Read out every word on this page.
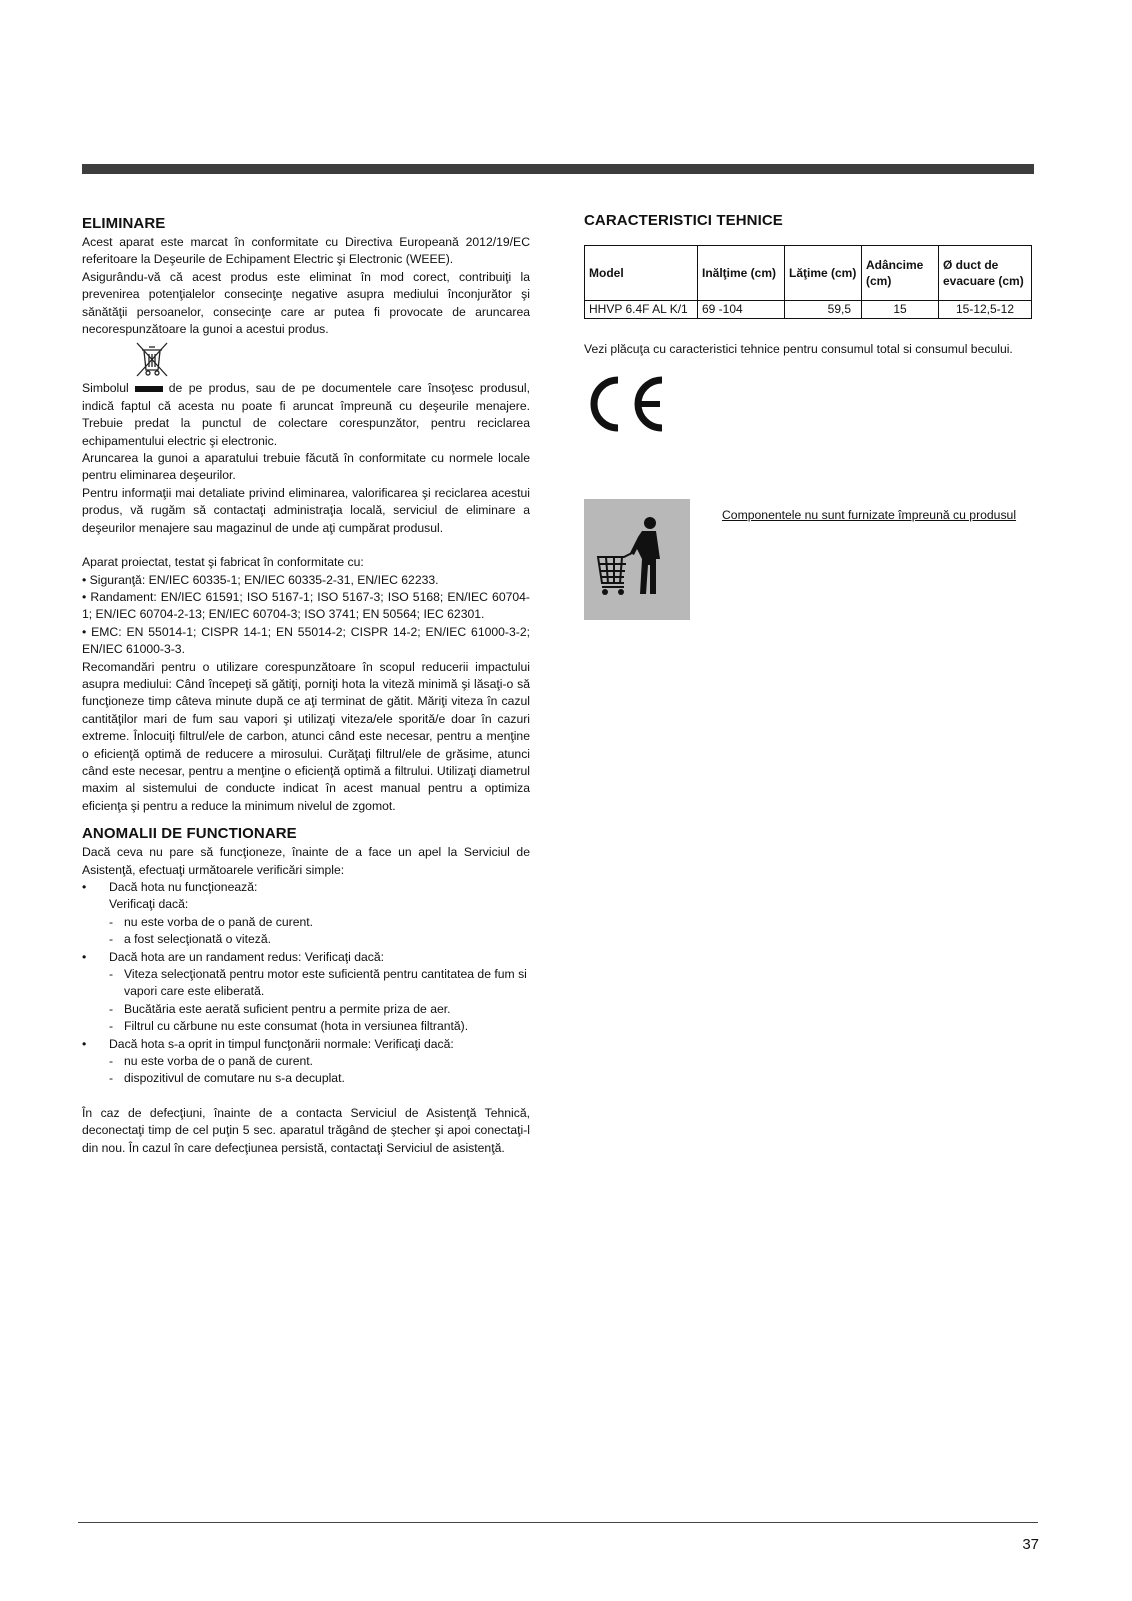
ELIMINARE

Acest aparat este marcat în conformitate cu Directiva Europeană 2012/19/EC referitoare la Deşeurile de Echipament Electric şi Electronic (WEEE).

Asigurându-vă că acest produs este eliminat în mod corect, contribuiţi la prevenirea potenţialelor consecinţe negative asupra mediului înconjurător şi sănătăţii persoanelor, consecinţe care ar putea fi provocate de aruncarea necorespunzătoare la gunoi a acestui produs.

Simbolul	de pe produs, sau de pe documentele care însoţesc produsul, indică faptul că acesta nu poate fi aruncat împreună cu deşeurile menajere. Trebuie predat la punctul de colectare corespunzător, pentru reciclarea echipamentului electric şi electronic.

Aruncarea la gunoi a aparatului trebuie făcută în conformitate cu normele locale pentru eliminarea deşeurilor.

Pentru informaţii mai detaliate privind eliminarea, valorificarea şi reciclarea acestui produs, vă rugăm să contactaţi administraţia locală, serviciul de eliminare a deşeurilor menajere sau magazinul de unde aţi cumpărat produsul.

Aparat proiectat, testat şi fabricat în conformitate cu:

• Siguranţă: EN/IEC 60335-1; EN/IEC 60335-2-31, EN/IEC 62233.

• Randament: EN/IEC 61591; ISO 5167-1; ISO 5167-3; ISO 5168; EN/IEC 60704-1; EN/IEC 60704-2-13; EN/IEC 60704-3; ISO 3741; EN 50564; IEC 62301.

• EMC: EN 55014-1; CISPR 14-1; EN 55014-2; CISPR 14-2; EN/IEC 61000-3-2; EN/IEC 61000-3-3.

Recomandări pentru o utilizare corespunzătoare în scopul reducerii impactului asupra mediului: Când începeţi să gătiţi, porniţi hota la viteză minimă şi lăsaţi-o să funcţioneze timp câteva minute după ce aţi terminat de gătit. Măriţi viteza în cazul cantităţilor mari de fum sau vapori şi utilizaţi viteza/ele sporită/e doar în cazuri extreme. Înlocuiţi filtrul/ele de carbon, atunci când este necesar, pentru a menţine o eficienţă optimă de reducere a mirosului. Curăţaţi filtrul/ele de grăsime, atunci când este necesar, pentru a menţine o eficienţă optimă a filtrului. Utilizaţi diametrul maxim al sistemului de conducte indicat în acest manual pentru a optimiza eficienţa şi pentru a reduce la minimum nivelul de zgomot.

ANOMALII DE FUNCTIONARE

Dacă ceva nu pare să funcţioneze, înainte de a face un apel la Serviciul de Asistenţă, efectuaţi următoarele verificări simple:

• Dacă hota nu funcţionează:
Verificaţi dacă:
- nu este vorba de o pană de curent.
- a fost selecţionată o viteză.
• Dacă hota are un randament redus: Verificaţi dacă:
- Viteza selecţionată pentru motor este suficientă pentru cantitatea de fum si vapori care este eliberată.
- Bucătăria este aerată suficient pentru a permite priza de aer.
- Filtrul cu cărbune nu este consumat (hota in versiunea filtrantă).
• Dacă hota s-a oprit in timpul funcţonării normale: Verificaţi dacă:
- nu este vorba de o pană de curent.
- dispozitivul de comutare nu s-a decuplat.

În caz de defecţiuni, înainte de a contacta Serviciul de Asistenţă Tehnică, deconectaţi timp de cel puţin 5 sec. aparatul trăgând de ştecher şi apoi conectaţi-l din nou. În cazul în care defecţiunea persistă, contactaţi Serviciul de asistenţă.

CARACTERISTICI TEHNICE
Model	Inălţime (cm)	Lăţime (cm)	Adâncime (cm)	Ø duct de evacuare (cm)
HHVP 6.4F AL K/1	69 -104	59,5	15	15-12,5-12
Vezi plăcuţa cu caracteristici tehnice pentru consumul total si consumul becului.
Componentele nu sunt furnizate împreună cu produsul
37
